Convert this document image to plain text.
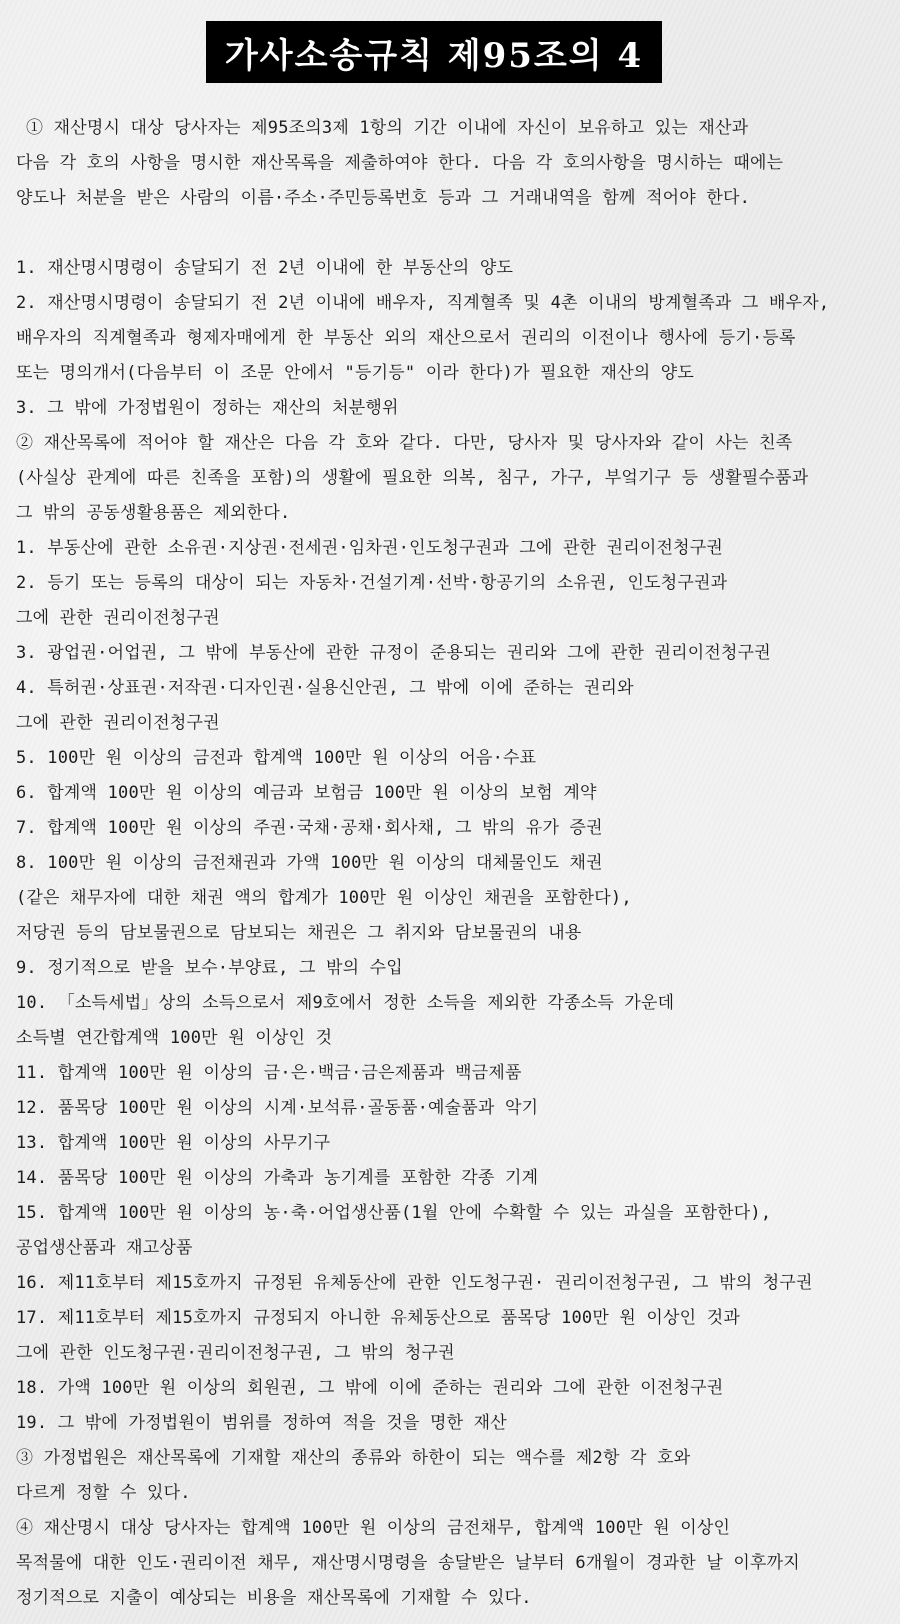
가사소송규칙 제95조의 4
① 재산명시 대상 당사자는 제95조의3제 1항의 기간 이내에 자신이 보유하고 있는 재산과
다음 각 호의 사항을 명시한 재산목록을 제출하여야 한다. 다음 각 호의사항을 명시하는 때에는
양도나 처분을 받은 사람의 이름·주소·주민등록번호 등과 그 거래내역을 함께 적어야 한다.
1. 재산명시명령이 송달되기 전 2년 이내에 한 부동산의 양도
2. 재산명시명령이 송달되기 전 2년 이내에 배우자, 직계혈족 및 4촌 이내의 방계혈족과 그 배우자,
배우자의 직계혈족과 형제자매에게 한 부동산 외의 재산으로서 권리의 이전이나 행사에 등기·등록
또는 명의개서(다음부터 이 조문 안에서 "등기등" 이라 한다)가 필요한 재산의 양도
3. 그 밖에 가정법원이 정하는 재산의 처분행위
② 재산목록에 적어야 할 재산은 다음 각 호와 같다. 다만, 당사자 및 당사자와 같이 사는 친족
(사실상 관계에 따른 친족을 포함)의 생활에 필요한 의복, 침구, 가구, 부엌기구 등 생활필수품과
그 밖의 공동생활용품은 제외한다.
1. 부동산에 관한 소유권·지상권·전세권·임차권·인도청구권과 그에 관한 권리이전청구권
2. 등기 또는 등록의 대상이 되는 자동차·건설기계·선박·항공기의 소유권, 인도청구권과
그에 관한 권리이전청구권
3. 광업권·어업권, 그 밖에 부동산에 관한 규정이 준용되는 권리와 그에 관한 권리이전청구권
4. 특허권·상표권·저작권·디자인권·실용신안권, 그 밖에 이에 준하는 권리와
그에 관한 권리이전청구권
5. 100만 원 이상의 금전과 합계액 100만 원 이상의 어음·수표
6. 합계액 100만 원 이상의 예금과 보험금 100만 원 이상의 보험 계약
7. 합계액 100만 원 이상의 주권·국채·공채·회사채, 그 밖의 유가 증권
8. 100만 원 이상의 금전채권과 가액 100만 원 이상의 대체물인도 채권
(같은 채무자에 대한 채권 액의 합계가 100만 원 이상인 채권을 포함한다),
저당권 등의 담보물권으로 담보되는 채권은 그 취지와 담보물권의 내용
9. 정기적으로 받을 보수·부양료, 그 밖의 수입
10. 「소득세법」상의 소득으로서 제9호에서 정한 소득을 제외한 각종소득 가운데
소득별 연간합계액 100만 원 이상인 것
11. 합계액 100만 원 이상의 금·은·백금·금은제품과 백금제품
12. 품목당 100만 원 이상의 시계·보석류·골동품·예술품과 악기
13. 합계액 100만 원 이상의 사무기구
14. 품목당 100만 원 이상의 가축과 농기계를 포함한 각종 기계
15. 합계액 100만 원 이상의 농·축·어업생산품(1월 안에 수확할 수 있는 과실을 포함한다),
공업생산품과 재고상품
16. 제11호부터 제15호까지 규정된 유체동산에 관한 인도청구권· 권리이전청구권, 그 밖의 청구권
17. 제11호부터 제15호까지 규정되지 아니한 유체동산으로 품목당 100만 원 이상인 것과
그에 관한 인도청구권·권리이전청구권, 그 밖의 청구권
18. 가액 100만 원 이상의 회원권, 그 밖에 이에 준하는 권리와 그에 관한 이전청구권
19. 그 밖에 가정법원이 범위를 정하여 적을 것을 명한 재산
③ 가정법원은 재산목록에 기재할 재산의 종류와 하한이 되는 액수를 제2항 각 호와
다르게 정할 수 있다.
④ 재산명시 대상 당사자는 합계액 100만 원 이상의 금전채무, 합계액 100만 원 이상인
목적물에 대한 인도·권리이전 채무, 재산명시명령을 송달받은 날부터 6개월이 경과한 날 이후까지
정기적으로 지출이 예상되는 비용을 재산목록에 기재할 수 있다.
